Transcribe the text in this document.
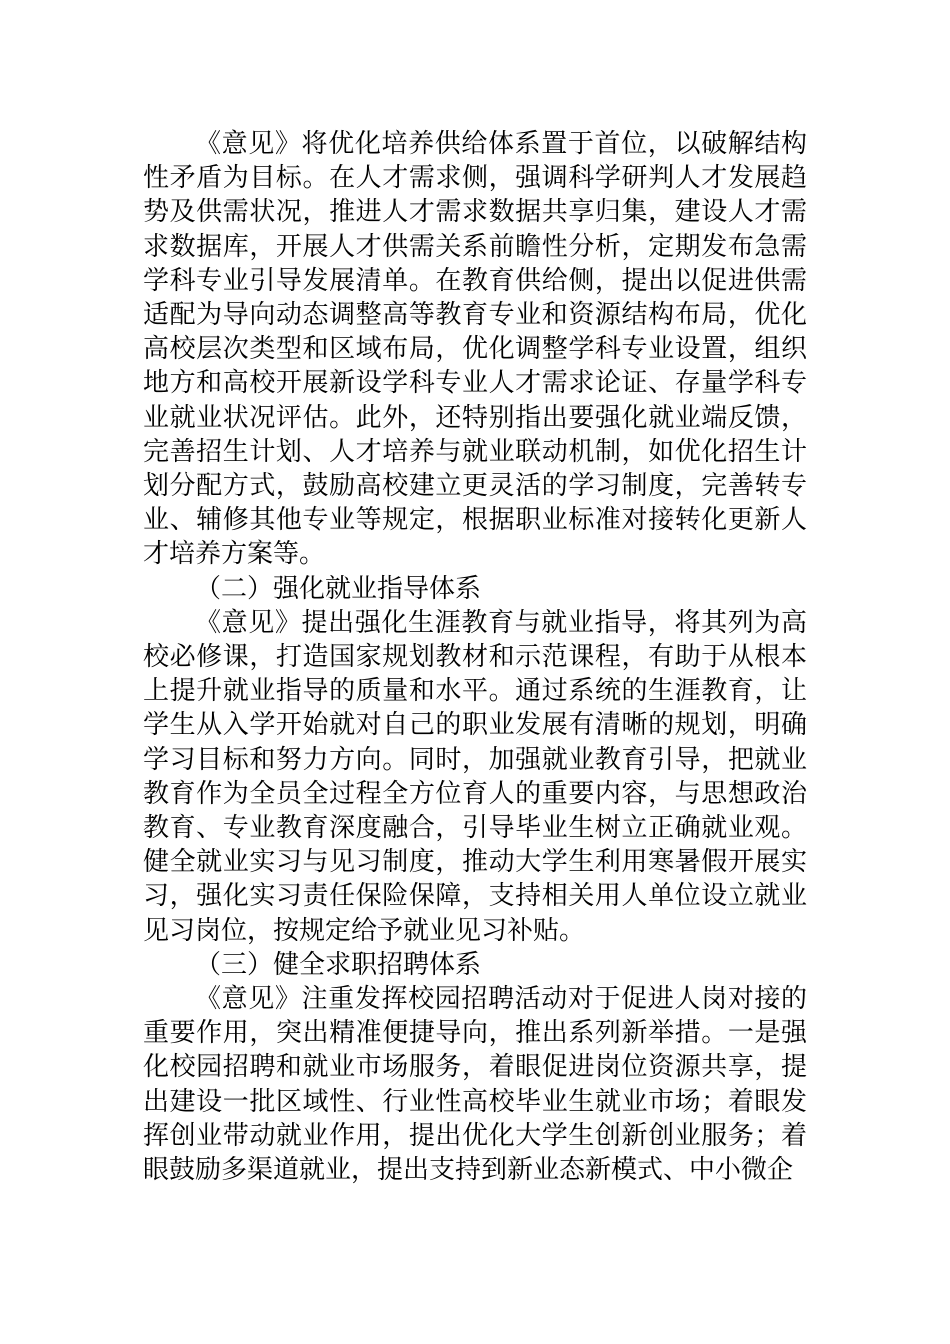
《意见》将优化培养供给体系置于首位，以破解结构性矛盾为目标。在人才需求侧，强调科学研判人才发展趋势及供需状况，推进人才需求数据共享归集，建设人才需求数据库，开展人才供需关系前瞻性分析，定期发布急需学科专业引导发展清单。在教育供给侧，提出以促进供需适配为导向动态调整高等教育专业和资源结构布局，优化高校层次类型和区域布局，优化调整学科专业设置，组织地方和高校开展新设学科专业人才需求论证、存量学科专业就业状况评估。此外，还特别指出要强化就业端反馈，完善招生计划、人才培养与就业联动机制，如优化招生计划分配方式，鼓励高校建立更灵活的学习制度，完善转专业、辅修其他专业等规定，根据职业标准对接转化更新人才培养方案等。

（二）强化就业指导体系

《意见》提出强化生涯教育与就业指导，将其列为高校必修课，打造国家规划教材和示范课程，有助于从根本上提升就业指导的质量和水平。通过系统的生涯教育，让学生从入学开始就对自己的职业发展有清晰的规划，明确学习目标和努力方向。同时，加强就业教育引导，把就业教育作为全员全过程全方位育人的重要内容，与思想政治教育、专业教育深度融合，引导毕业生树立正确就业观。健全就业实习与见习制度，推动大学生利用寒暑假开展实习，强化实习责任保险保障，支持相关用人单位设立就业见习岗位，按规定给予就业见习补贴。

（三）健全求职招聘体系

《意见》注重发挥校园招聘活动对于促进人岗对接的重要作用，突出精准便捷导向，推出系列新举措。一是强化校园招聘和就业市场服务，着眼促进岗位资源共享，提出建设一批区域性、行业性高校毕业生就业市场；着眼发挥创业带动就业作用，提出优化大学生创新创业服务；着眼鼓励多渠道就业，提出支持到新业态新模式、中小微企
